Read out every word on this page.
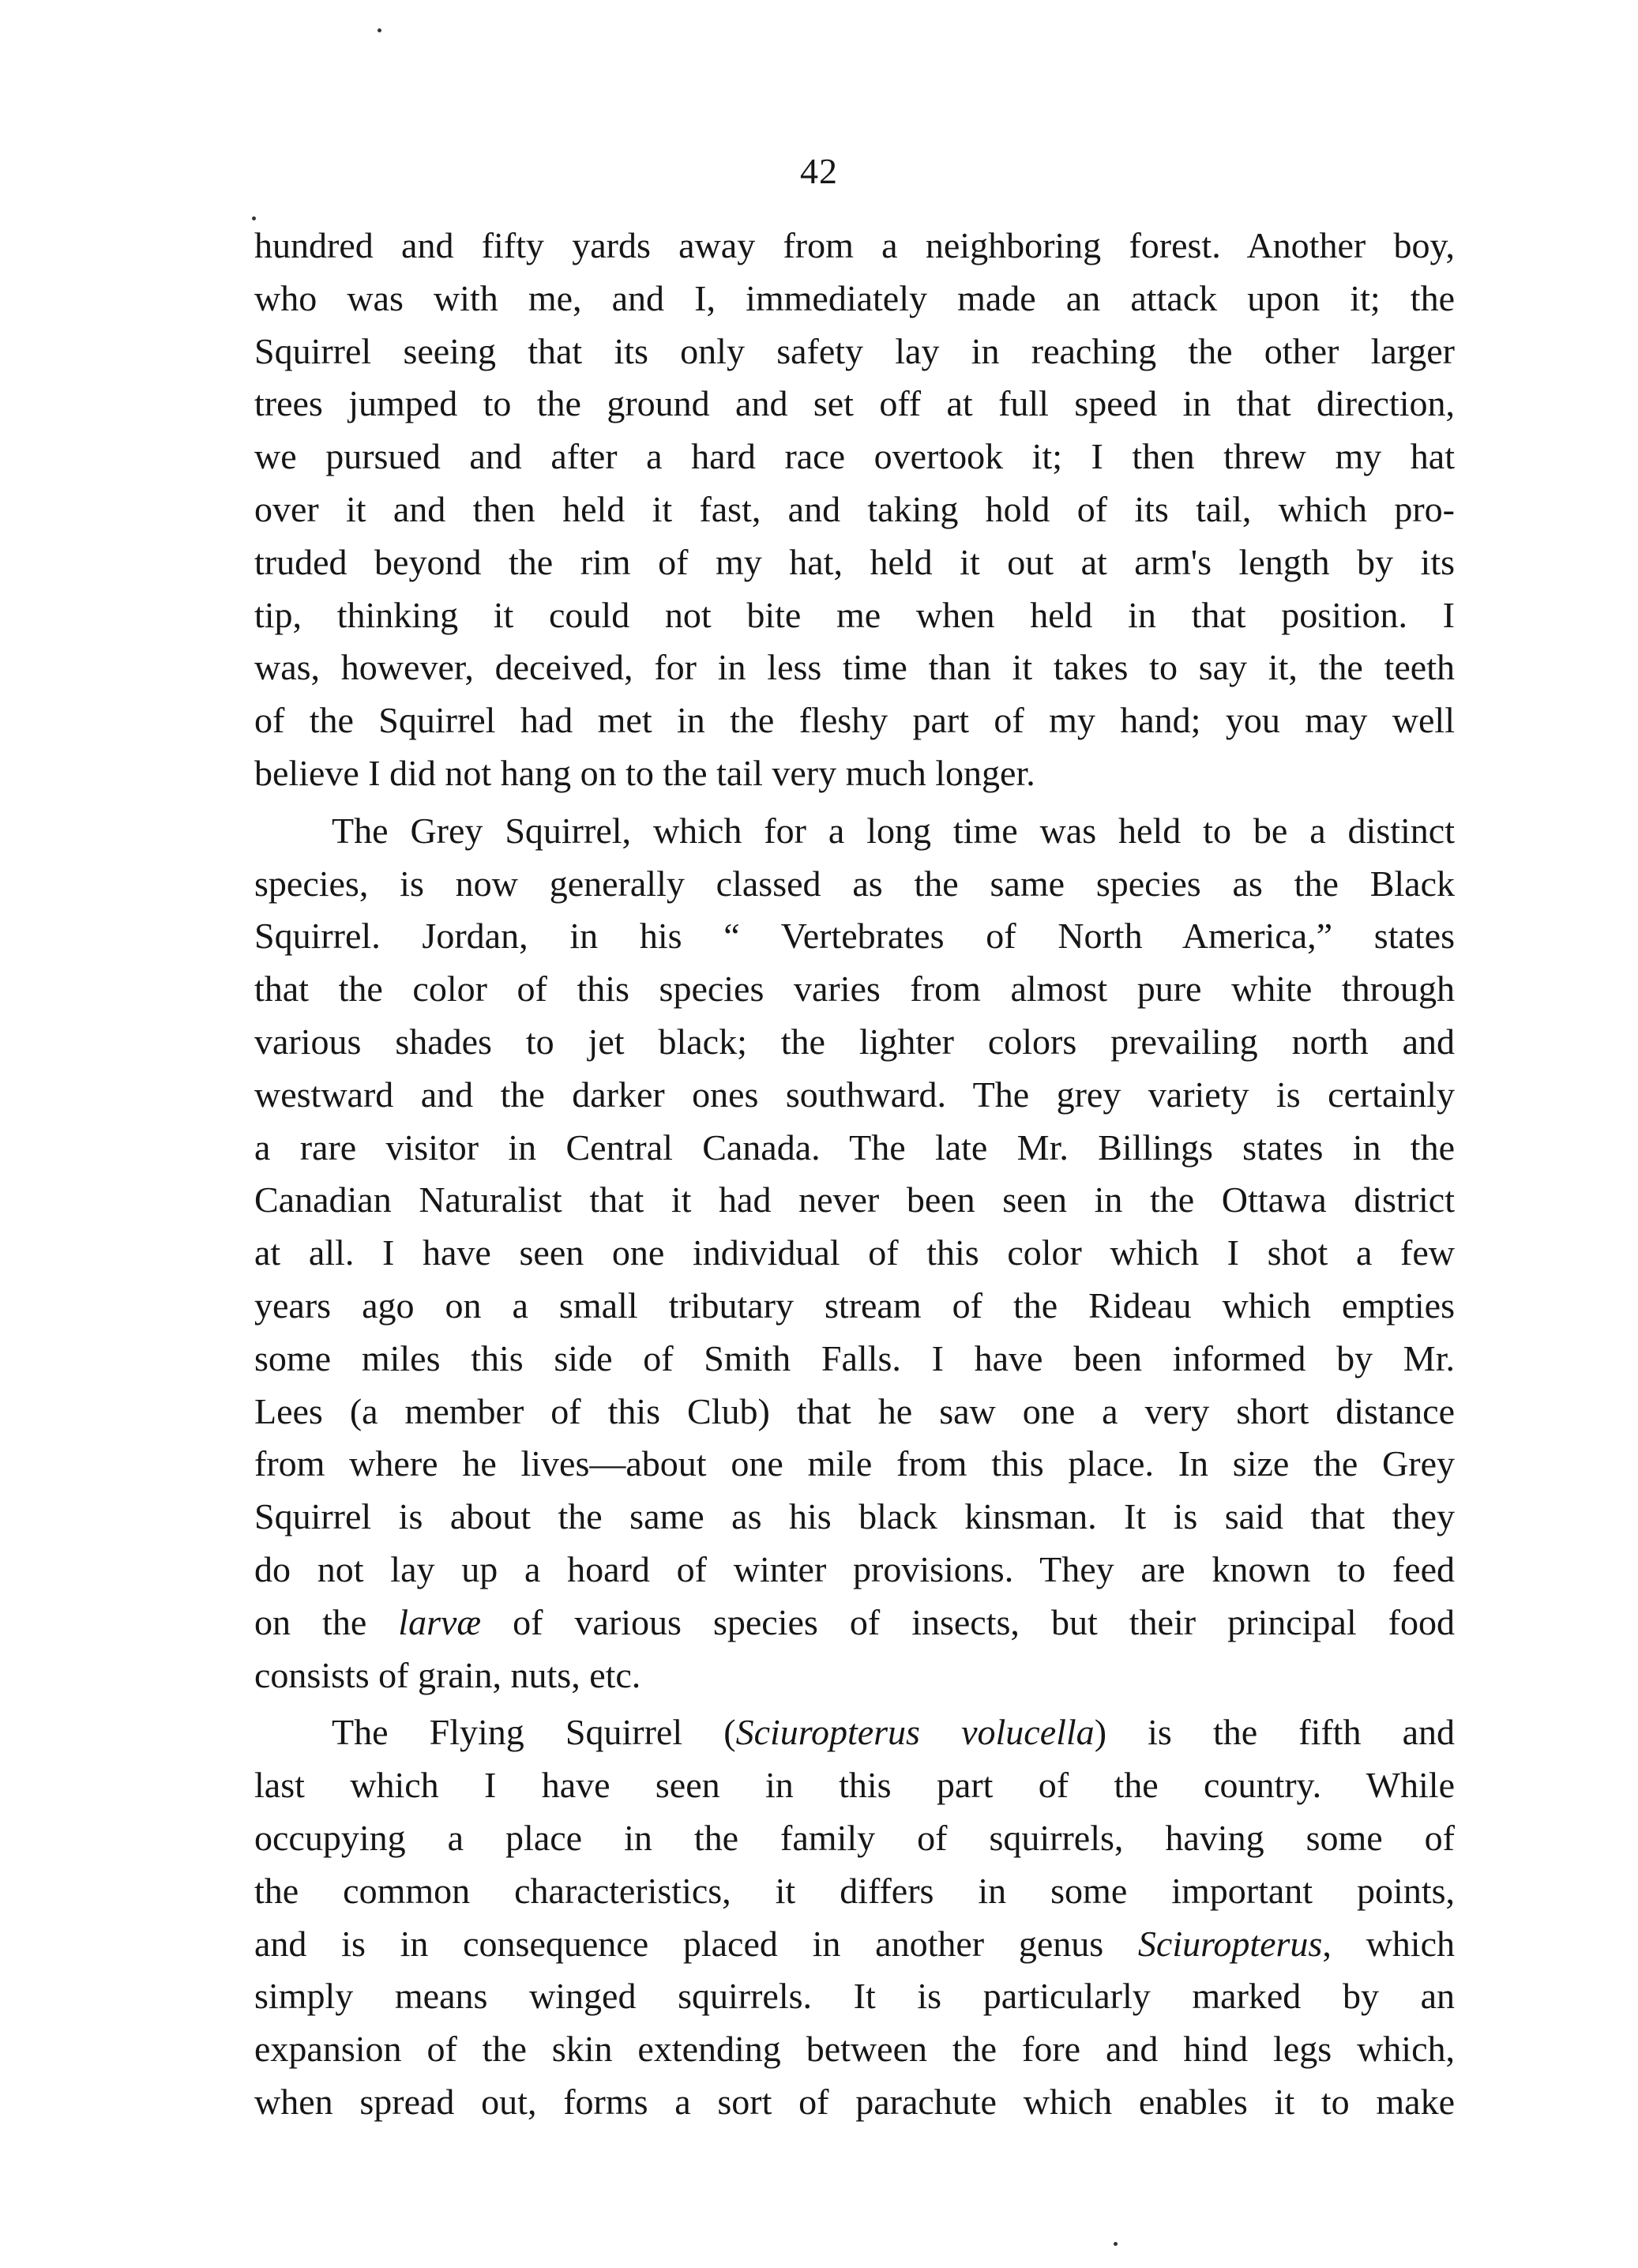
42
hundred and fifty yards away from a neighboring forest. Another boy,
who was with me, and I, immediately made an attack upon it; the
Squirrel seeing that its only safety lay in reaching the other larger
trees jumped to the ground and set off at full speed in that direction,
we pursued and after a hard race overtook it; I then threw my hat
over it and then held it fast, and taking hold of its tail, which pro-
truded beyond the rim of my hat, held it out at arm's length by its
tip, thinking it could not bite me when held in that position. I
was, however, deceived, for in less time than it takes to say it, the teeth
of the Squirrel had met in the fleshy part of my hand; you may well
believe I did not hang on to the tail very much longer.
The Grey Squirrel, which for a long time was held to be a distinct
species, is now generally classed as the same species as the Black
Squirrel. Jordan, in his “ Vertebrates of North America,” states
that the color of this species varies from almost pure white through
various shades to jet black; the lighter colors prevailing north and
westward and the darker ones southward. The grey variety is certainly
a rare visitor in Central Canada. The late Mr. Billings states in the
Canadian Naturalist that it had never been seen in the Ottawa district
at all. I have seen one individual of this color which I shot a few
years ago on a small tributary stream of the Rideau which empties
some miles this side of Smith Falls. I have been informed by Mr.
Lees (a member of this Club) that he saw one a very short distance
from where he lives—about one mile from this place. In size the Grey
Squirrel is about the same as his black kinsman. It is said that they
do not lay up a hoard of winter provisions. They are known to feed
on the larvæ of various species of insects, but their principal food
consists of grain, nuts, etc.
The Flying Squirrel (Sciuropterus volucella) is the fifth and
last which I have seen in this part of the country. While
occupying a place in the family of squirrels, having some of
the common characteristics, it differs in some important points,
and is in consequence placed in another genus Sciuropterus, which
simply means winged squirrels. It is particularly marked by an
expansion of the skin extending between the fore and hind legs which,
when spread out, forms a sort of parachute which enables it to make
